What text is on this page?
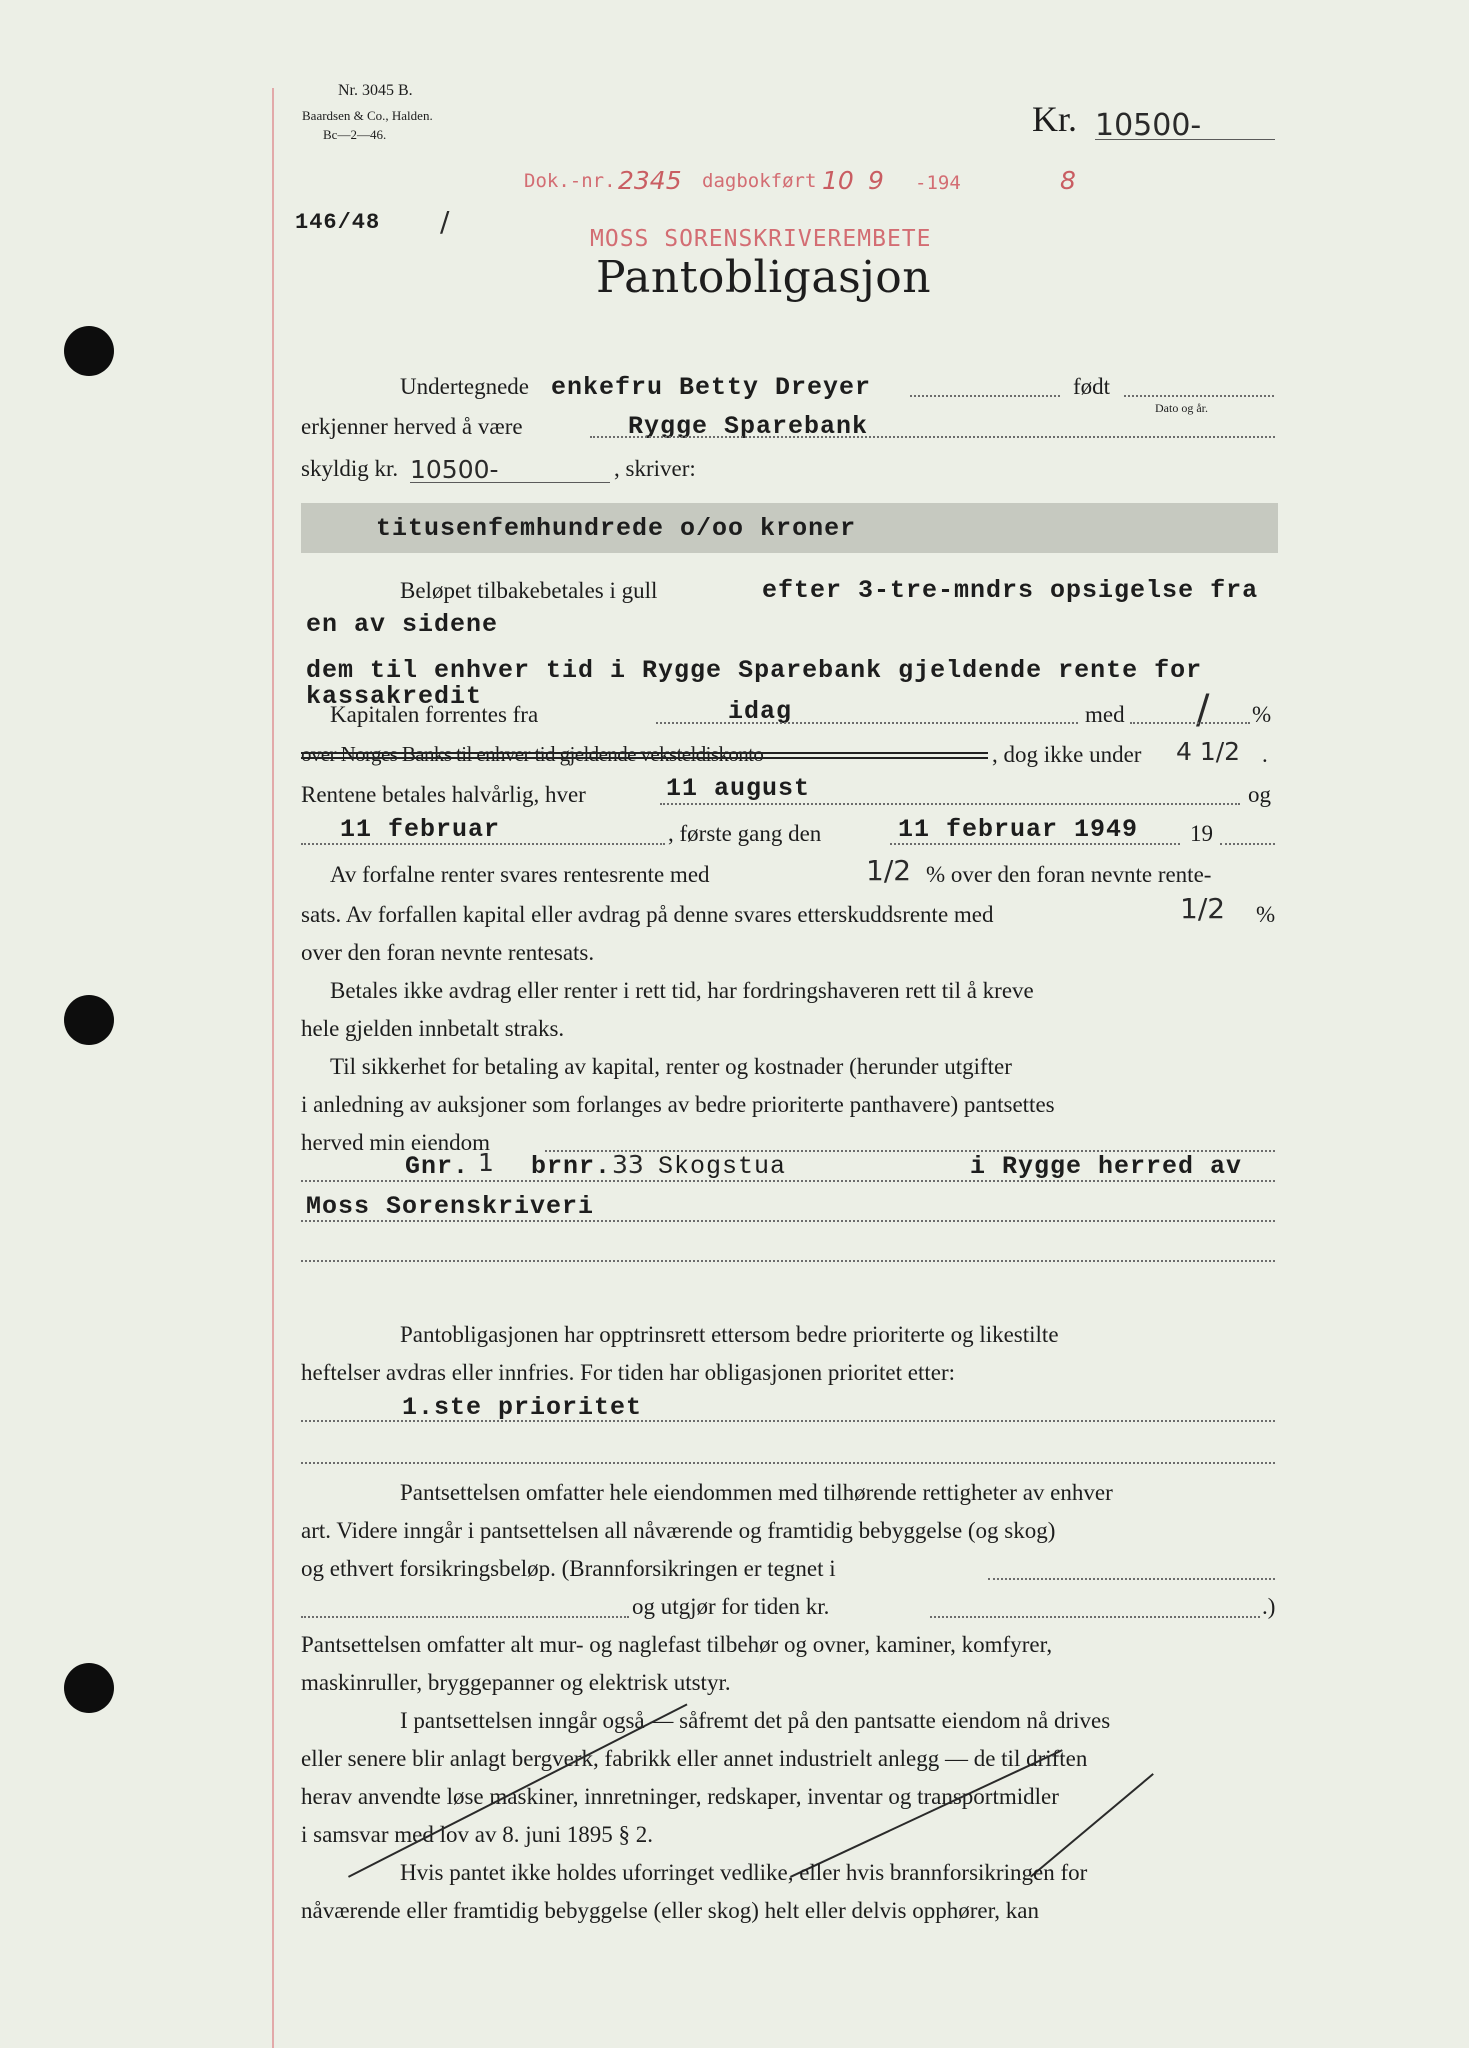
Nr. 3045 B.
Baardsen & Co., Halden.
Bc—2—46.	Kr. 10500-
146/48 /
Dok.-nr. 2345 dagbokført 10 9 -194	8
MOSS SORENSKRIVEREMBETE
Pantobligasjon
Undertegnede enkefru Betty Dreyer	født
Dato og år.
erkjenner herved å være	Rygge Sparebank
skyldig kr. 10500-	, skriver:
titusenfemhundrede o/oo kroner
Beløpet tilbakebetales i gull	efter 3-tre-mndrs opsigelse fra
en av sidene
dem til enhver tid i Rygge Sparebank gjeldende rente for
kassakredit
Kapitalen forrentes fra	idag	med / %
over Norges Banks til enhver tid gjeldende veksteldiskonto	, dog ikke under 4 1/2 .
Rentene betales halvårlig, hver	11 august	og
11 februar	, første gang den	11 februar 1949 19
Av forfalne renter svares rentesrente med	1/2 % over den foran nevnte rente-
sats. Av forfallen kapital eller avdrag på denne svares etterskuddsrente med	1/2 %
over den foran nevnte rentesats.
Betales ikke avdrag eller renter i rett tid, har fordringshaveren rett til å kreve
hele gjelden innbetalt straks.
Til sikkerhet for betaling av kapital, renter og kostnader (herunder utgifter
i anledning av auksjoner som forlanges av bedre prioriterte panthavere) pantsettes
herved min eiendom
Gnr. 1 brnr. 33 Skogstua	i Rygge herred av
Moss Sorenskriveri
Pantobligasjonen har opptrinsrett ettersom bedre prioriterte og likestilte
heftelser avdras eller innfries. For tiden har obligasjonen prioritet etter:
1.ste prioritet
Pantsettelsen omfatter hele eiendommen med tilhørende rettigheter av enhver
art. Videre inngår i pantsettelsen all nåværende og framtidig bebyggelse (og skog)
og ethvert forsikringsbeløp. (Brannforsikringen er tegnet i
og utgjør for tiden kr.	.)
Pantsettelsen omfatter alt mur- og naglefast tilbehør og ovner, kaminer, komfyrer,
maskinruller, bryggepanner og elektrisk utstyr.
I pantsettelsen inngår også — såfremt det på den pantsatte eiendom nå drives
eller senere blir anlagt bergverk, fabrikk eller annet industrielt anlegg — de til driften
herav anvendte løse maskiner, innretninger, redskaper, inventar og transportmidler
i samsvar med lov av 8. juni 1895 § 2.
Hvis pantet ikke holdes uforringet vedlike, eller hvis brannforsikringen for
nåværende eller framtidig bebyggelse (eller skog) helt eller delvis opphører, kan
